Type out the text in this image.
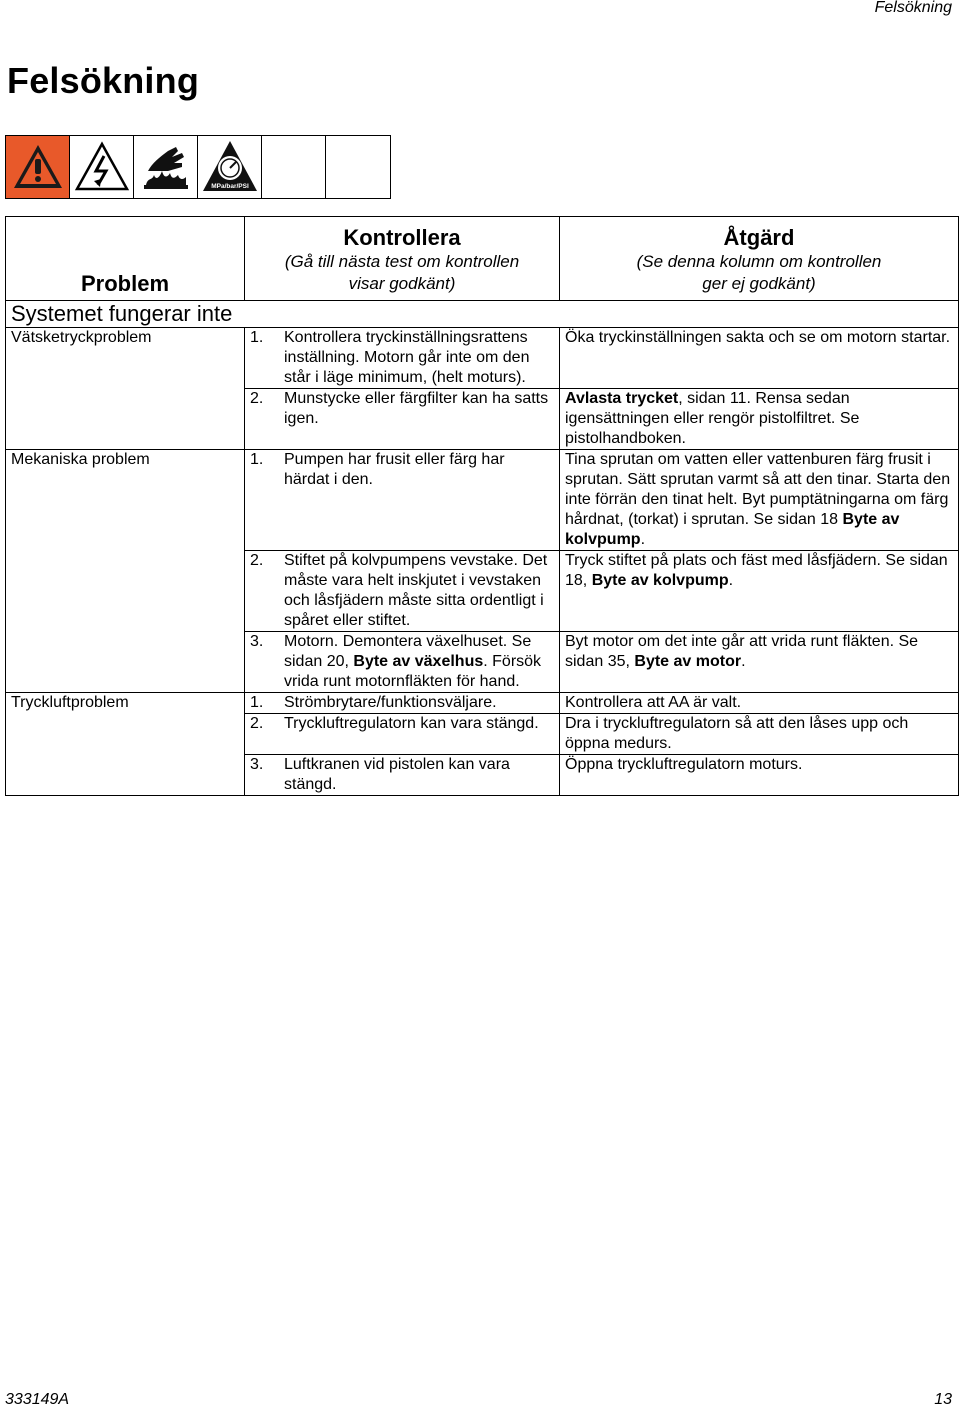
Felsökning
Felsökning
MPa/bar/PSI
Problem	Kontrollera
(Gå till nästa test om kontrollen
visar godkänt)	Åtgärd
(Se denna kolumn om kontrollen
ger ej godkänt)

Systemet fungerar inte		
Vätsketryckproblem	1. Kontrollera tryckinställningsrattens inställning. Motorn går inte om den står i läge minimum, (helt moturs).	Öka tryckinställningen sakta och se om motorn startar.

	2. Munstycke eller färgfilter kan ha satts igen.	Avlasta trycket, sidan 11. Rensa sedan igensättningen eller rengör pistolfiltret. Se pistolhandboken.
Mekaniska problem	1. Pumpen har frusit eller färg har härdat i den.	Tina sprutan om vatten eller vattenburen färg frusit i sprutan. Sätt sprutan varmt så att den tinar. Starta den inte förrän den tinat helt. Byt pumptätningarna om färg hårdnat, (torkat) i sprutan. Se sidan 18 Byte av kolvpump.

	2. Stiftet på kolvpumpens vevstake. Det måste vara helt inskjutet i vevstaken och låsfjädern måste sitta ordentligt i spåret eller stiftet.	Tryck stiftet på plats och fäst med låsfjädern. Se sidan 18, Byte av kolvpump.

	3. Motorn. Demontera växelhuset. Se sidan 20, Byte av växelhus. Försök vrida runt motornfläkten för hand.	Byt motor om det inte går att vrida runt fläkten. Se sidan 35, Byte av motor.
Tryckluftproblem	1. Strömbrytare/funktionsväljare.	Kontrollera att AA är valt.

	2. Tryckluftregulatorn kan vara stängd.	Dra i tryckluftregulatorn så att den låses upp och öppna medurs.

	3. Luftkranen vid pistolen kan vara stängd.	Öppna tryckluftregulatorn moturs.
333149A	13
